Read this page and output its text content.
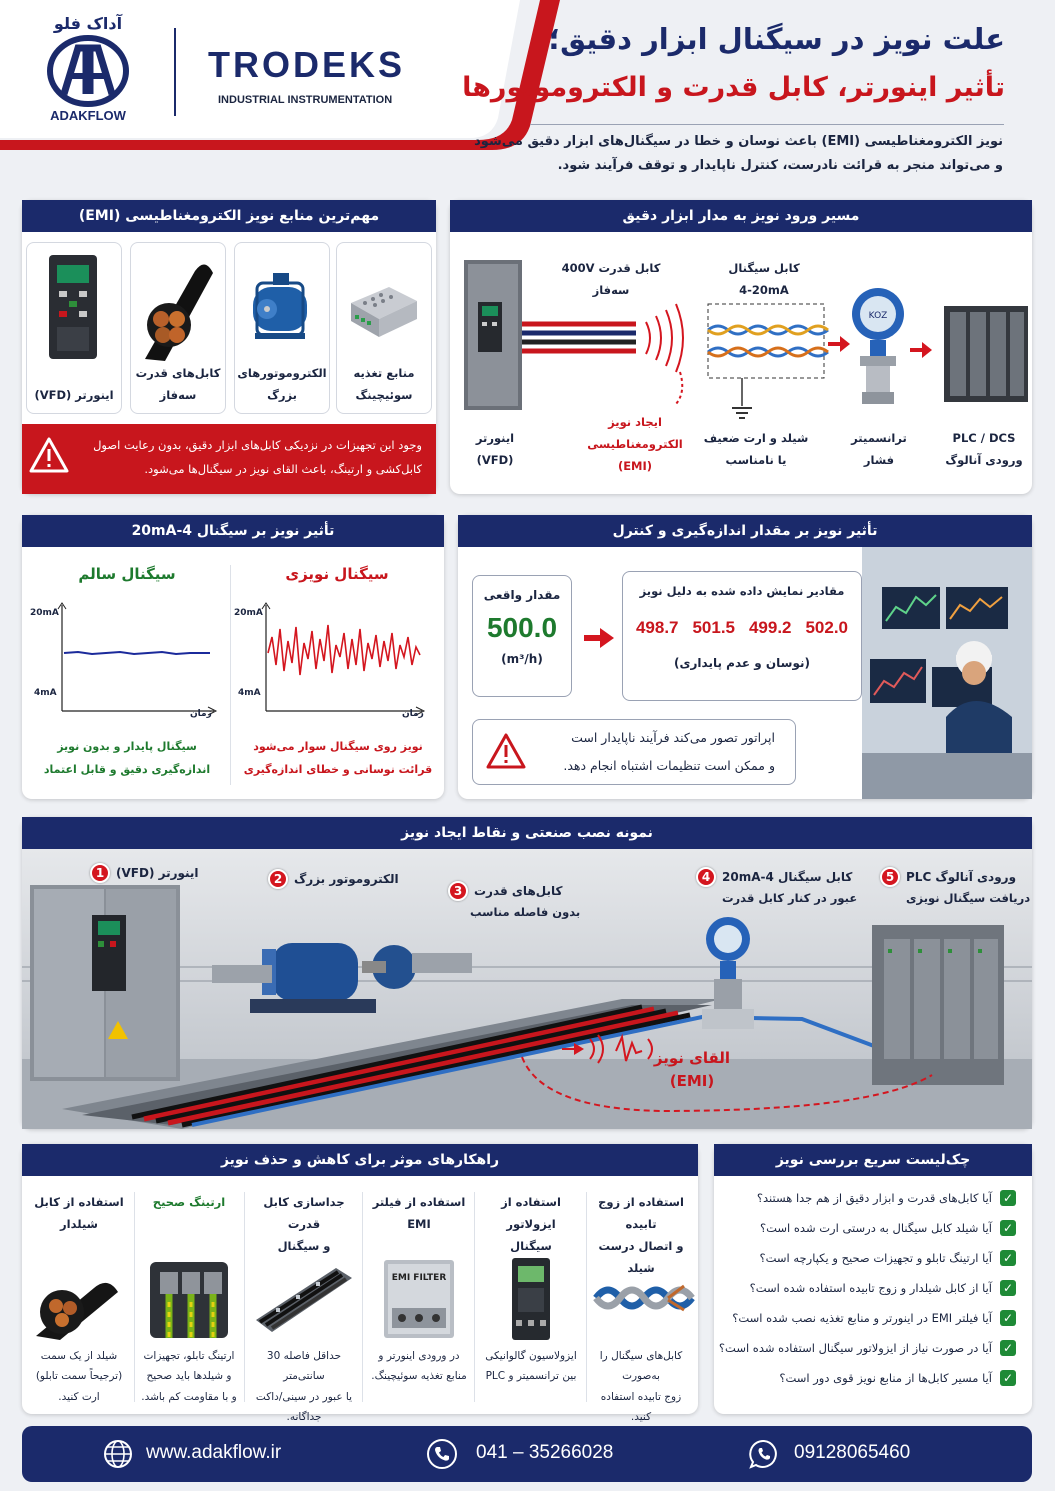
آداک فلو
ADAKFLOW
TRODEKS
INDUSTRIAL INSTRUMENTATION
علت نویز در سیگنال ابزار دقیق؛
تأثیر اینورتر، کابل قدرت و الکتروموتورها
نویز الکترومغناطیسی (EMI) باعث نوسان و خطا در سیگنال‌های ابزار دقیق می‌شود
و می‌تواند منجر به قرائت نادرست، کنترل ناپایدار و توقف فرآیند شود.
مهم‌ترین منابع نویز الکترومغناطیسی (EMI)
اینورتر (VFD)

کابل‌های قدرت
سه‌فاز
الکتروموتورهای
بزرگ
منابع تغذیه
سوئیچینگ
وجود این تجهیزات در نزدیکی کابل‌های ابزار دقیق، بدون رعایت اصول
کابل‌کشی و ارتینگ، باعث القای نویز در سیگنال‌ها می‌شود.
مسیر ورود نویز به مدار ابزار دقیق
KOZ
کابل قدرت 400V
سه‌فاز
کابل سیگنال
4-20mA
ایجاد نویز
الکترومغناطیسی
(EMI)
اینورتر
(VFD)
شیلد و ارت ضعیف
یا نامناسب
ترانسمیتر
فشار
PLC / DCS
ورودی آنالوگ
تأثیر نویز بر سیگنال 4-20mA
سیگنال سالم
20mA
4mA
زمان
سیگنال پایدار و بدون نویز
اندازه‌گیری دقیق و قابل اعتماد
سیگنال نویزی
20mA
4mA
زمان
نویز روی سیگنال سوار می‌شود
قرائت نوسانی و خطای اندازه‌گیری
تأثیر نویز بر مقدار اندازه‌گیری و کنترل
مقدار واقعی
500.0
(m³/h)
مقادیر نمایش داده شده به دلیل نویز
498.7 501.5 499.2 502.0
(نوسان و عدم پایداری)
اپراتور تصور می‌کند فرآیند ناپایدار است
و ممکن است تنظیمات اشتباه انجام دهد.
نمونه نصب صنعتی و نقاط ایجاد نویز
1 اینورتر (VFD)	2 الکتروموتور بزرگ
3 کابل‌های قدرت
بدون فاصله مناسب
4 کابل سیگنال 4-20mA
عبور در کنار کابل قدرت
5 ورودی آنالوگ PLC
دریافت سیگنال نویزی
القای نویز
(EMI)
راهکارهای موثر برای کاهش و حذف نویز
استفاده از کابل
شیلدار
شیلد از یک سمت
(ترجیحاً سمت تابلو)
ارت کنید.
ارتینگ صحیح

ارتینگ تابلو، تجهیزات
و شیلدها باید صحیح
و با مقاومت کم باشد.
جداسازی کابل قدرت
و سیگنال
حداقل فاصله 30 سانتی‌متر
یا عبور در سینی/داکت
جداگانه.
استفاده از فیلتر EMI

EMI FILTER
در ورودی اینورتر و
منابع تغذیه سوئیچینگ.

استفاده از ایزولاتور
سیگنال
ایزولاسیون گالوانیکی
بین ترانسمیتر و PLC

استفاده از زوج تابیده
و اتصال درست شیلد
کابل‌های سیگنال را به‌صورت
زوج تابیده استفاده کنید.

چک‌لیست سریع بررسی نویز
✓
آیا کابل‌های قدرت و ابزار دقیق از هم جدا هستند؟
✓
آیا شیلد کابل سیگنال به درستی ارت شده است؟
✓
آیا ارتینگ تابلو و تجهیزات صحیح و یکپارچه است؟
✓
آیا از کابل شیلدار و زوج تابیده استفاده شده است؟
✓
آیا فیلتر EMI در اینورتر و منابع تغذیه نصب شده است؟
✓
آیا در صورت نیاز از ایزولاتور سیگنال استفاده شده است؟
✓
آیا مسیر کابل‌ها از منابع نویز قوی دور است؟
www.adakflow.ir	041 – 35266028	09128065460
